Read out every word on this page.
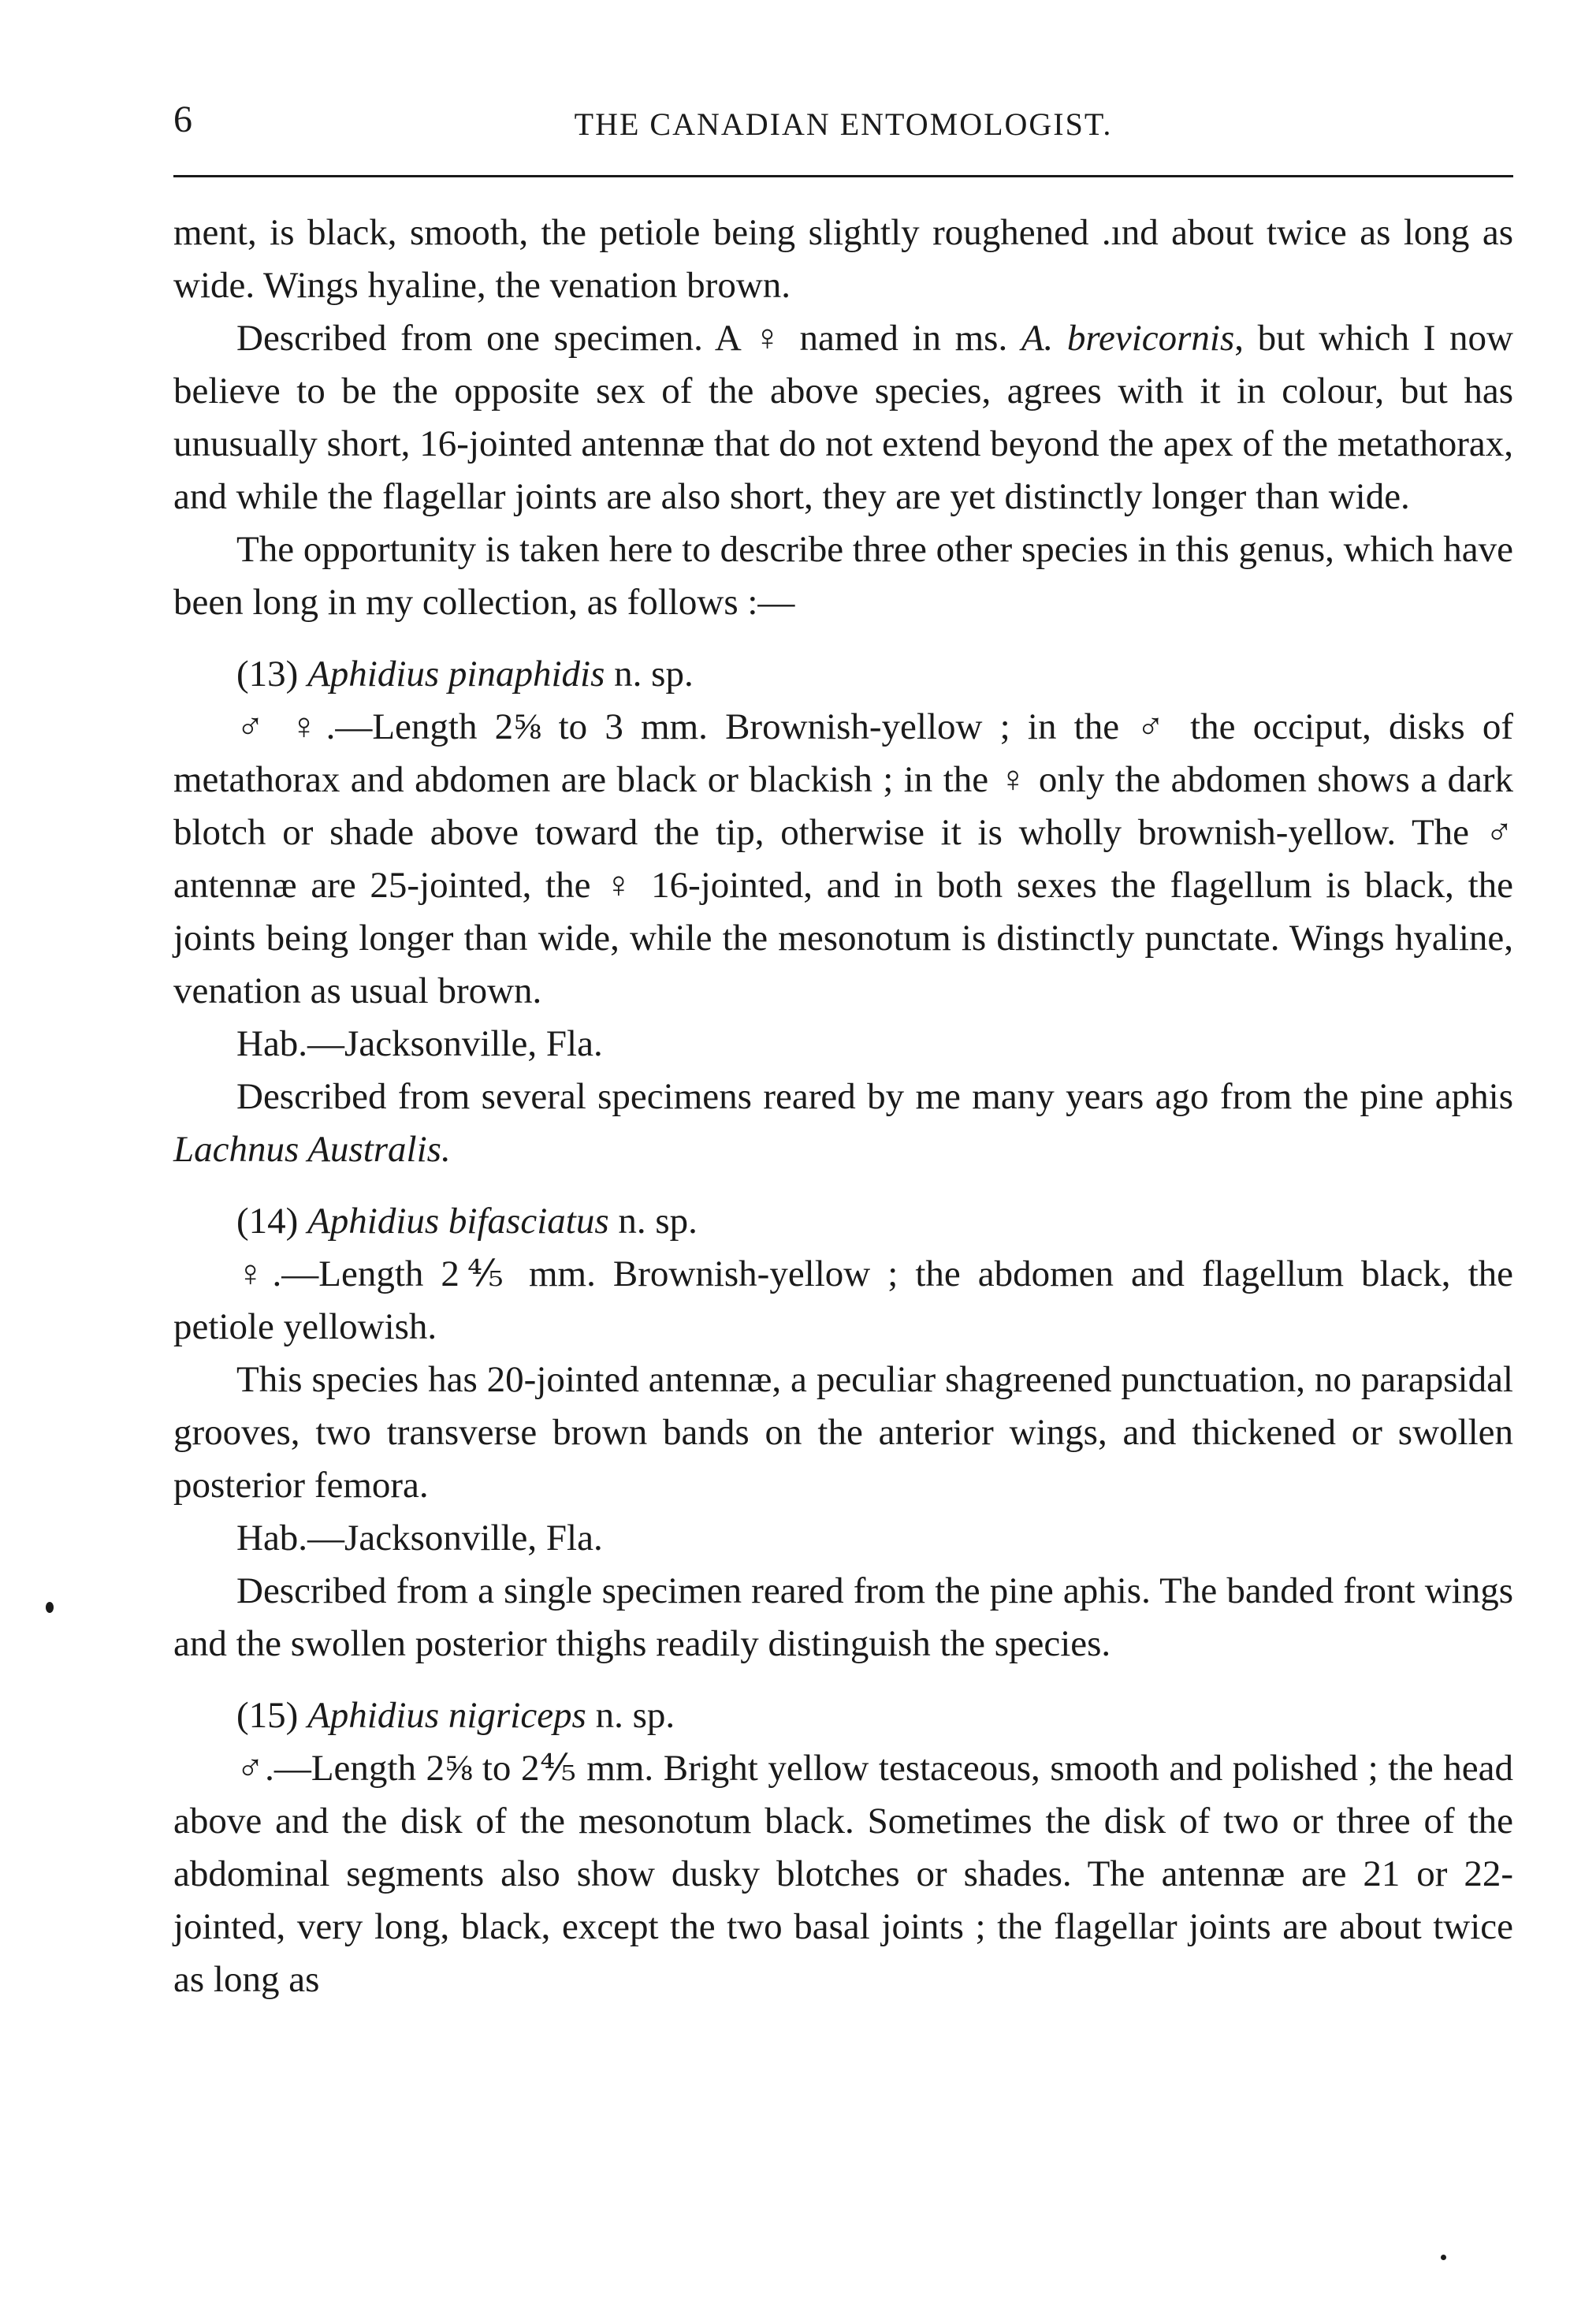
6	THE CANADIAN ENTOMOLOGIST.

ment, is black, smooth, the petiole being slightly roughened .ınd about twice as long as wide. Wings hyaline, the venation brown.

Described from one specimen. A ♀ named in ms. A. brevicornis, but which I now believe to be the opposite sex of the above species, agrees with it in colour, but has unusually short, 16-jointed antennæ that do not extend beyond the apex of the metathorax, and while the flagellar joints are also short, they are yet distinctly longer than wide.

The opportunity is taken here to describe three other species in this genus, which have been long in my collection, as follows :—

(13) Aphidius pinaphidis n. sp.

♂ ♀.—Length 2⅝ to 3 mm. Brownish-yellow ; in the ♂ the occiput, disks of metathorax and abdomen are black or blackish ; in the ♀ only the abdomen shows a dark blotch or shade above toward the tip, otherwise it is wholly brownish-yellow. The ♂ antennæ are 25-jointed, the ♀ 16-jointed, and in both sexes the flagellum is black, the joints being longer than wide, while the mesonotum is distinctly punctate. Wings hyaline, venation as usual brown.

Hab.—Jacksonville, Fla.

Described from several specimens reared by me many years ago from the pine aphis Lachnus Australis.

(14) Aphidius bifasciatus n. sp.

♀.—Length 2⅘ mm. Brownish-yellow ; the abdomen and flagellum black, the petiole yellowish.

This species has 20-jointed antennæ, a peculiar shagreened punctuation, no parapsidal grooves, two transverse brown bands on the anterior wings, and thickened or swollen posterior femora.

Hab.—Jacksonville, Fla.

Described from a single specimen reared from the pine aphis. The banded front wings and the swollen posterior thighs readily distinguish the species.

(15) Aphidius nigriceps n. sp.

♂.—Length 2⅝ to 2⅘ mm. Bright yellow testaceous, smooth and polished ; the head above and the disk of the mesonotum black. Sometimes the disk of two or three of the abdominal segments also show dusky blotches or shades. The antennæ are 21 or 22-jointed, very long, black, except the two basal joints ; the flagellar joints are about twice as long as
